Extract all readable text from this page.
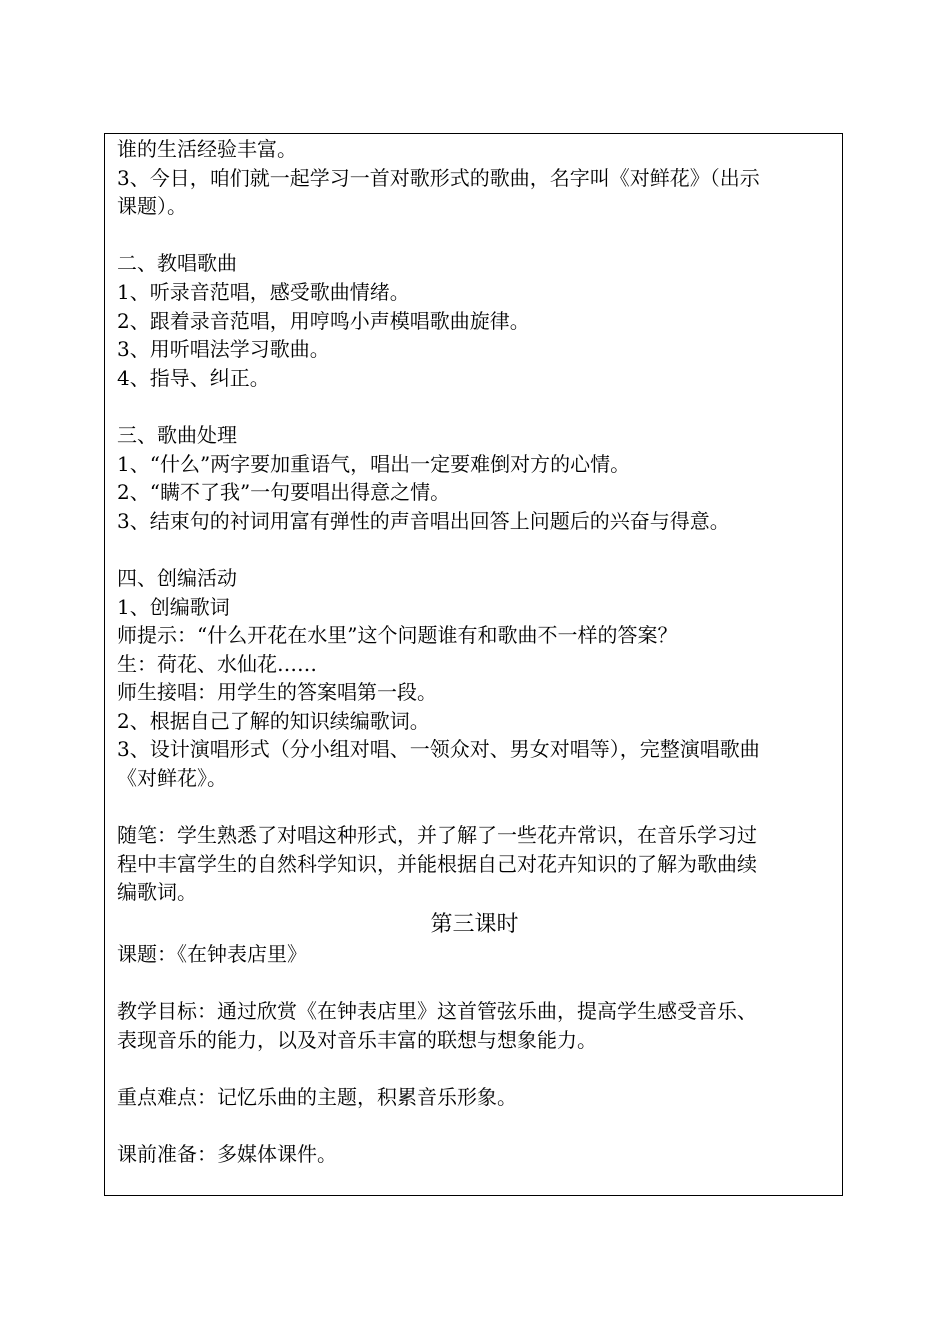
谁的生活经验丰富。
3、今日，咱们就一起学习一首对歌形式的歌曲，名字叫《对鲜花》（出示
课题）。
二、教唱歌曲
1、听录音范唱，感受歌曲情绪。
2、跟着录音范唱，用哼鸣小声模唱歌曲旋律。
3、用听唱法学习歌曲。
4、指导、纠正。
三、歌曲处理
1、“什么”两字要加重语气，唱出一定要难倒对方的心情。
2、“瞒不了我”一句要唱出得意之情。
3、结束句的衬词用富有弹性的声音唱出回答上问题后的兴奋与得意。
四、创编活动
1、创编歌词
师提示：“什么开花在水里”这个问题谁有和歌曲不一样的答案？
生：荷花、水仙花……
师生接唱：用学生的答案唱第一段。
2、根据自己了解的知识续编歌词。
3、设计演唱形式（分小组对唱、一领众对、男女对唱等），完整演唱歌曲
《对鲜花》。
随笔：学生熟悉了对唱这种形式，并了解了一些花卉常识，在音乐学习过
程中丰富学生的自然科学知识，并能根据自己对花卉知识的了解为歌曲续
编歌词。
第三课时
课题：《在钟表店里》
教学目标：通过欣赏《在钟表店里》这首管弦乐曲，提高学生感受音乐、
表现音乐的能力，以及对音乐丰富的联想与想象能力。
重点难点：记忆乐曲的主题，积累音乐形象。
课前准备：多媒体课件。
